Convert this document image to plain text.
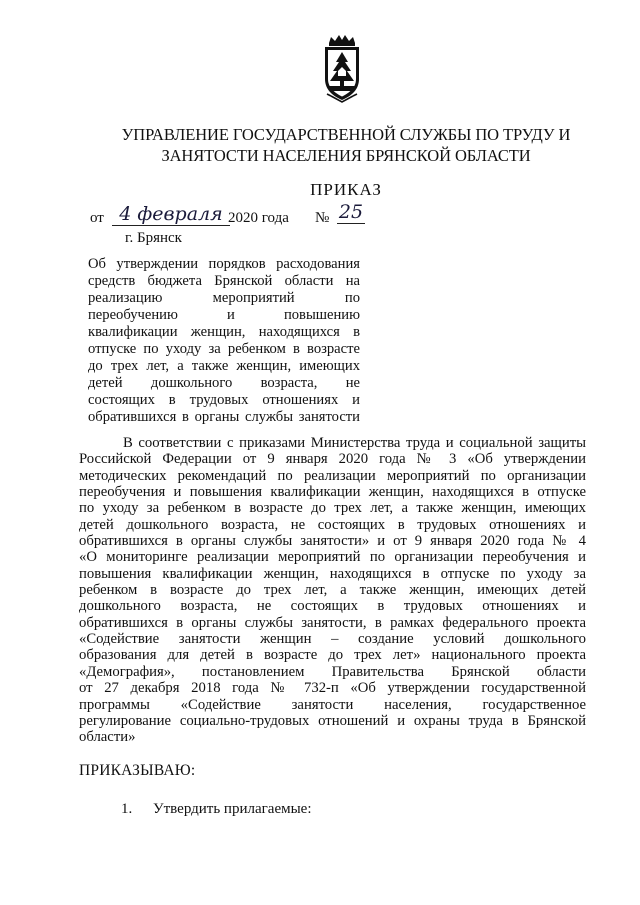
УПРАВЛЕНИЕ ГОСУДАРСТВЕННОЙ СЛУЖБЫ ПО ТРУДУ И
ЗАНЯТОСТИ НАСЕЛЕНИЯ БРЯНСКОЙ ОБЛАСТИ
ПРИКАЗ
от 4 февраля 2020 года № 25
г. Брянск
Об утверждении порядков расходования
средств бюджета Брянской области на
реализацию мероприятий по
переобучению и повышению
квалификации женщин, находящихся в
отпуске по уходу за ребенком в возрасте
до трех лет, а также женщин, имеющих
детей дошкольного возраста, не
состоящих в трудовых отношениях и
обратившихся в органы службы занятости
В соответствии с приказами Министерства труда и социальной защиты
Российской Федерации от 9 января 2020 года № 3 «Об утверждении
методических рекомендаций по реализации мероприятий по организации
переобучения и повышения квалификации женщин, находящихся в отпуске
по уходу за ребенком в возрасте до трех лет, а также женщин, имеющих
детей дошкольного возраста, не состоящих в трудовых отношениях и
обратившихся в органы службы занятости» и от 9 января 2020 года № 4
«О мониторинге реализации мероприятий по организации переобучения и
повышения квалификации женщин, находящихся в отпуске по уходу за
ребенком в возрасте до трех лет, а также женщин, имеющих детей
дошкольного возраста, не состоящих в трудовых отношениях и
обратившихся в органы службы занятости, в рамках федерального проекта
«Содействие занятости женщин – создание условий дошкольного
образования для детей в возрасте до трех лет» национального проекта
«Демография», постановлением Правительства Брянской области
от 27 декабря 2018 года № 732-п «Об утверждении государственной
программы «Содействие занятости населения, государственное
регулирование социально-трудовых отношений и охраны труда в Брянской
области»
ПРИКАЗЫВАЮ:
1. Утвердить прилагаемые:
